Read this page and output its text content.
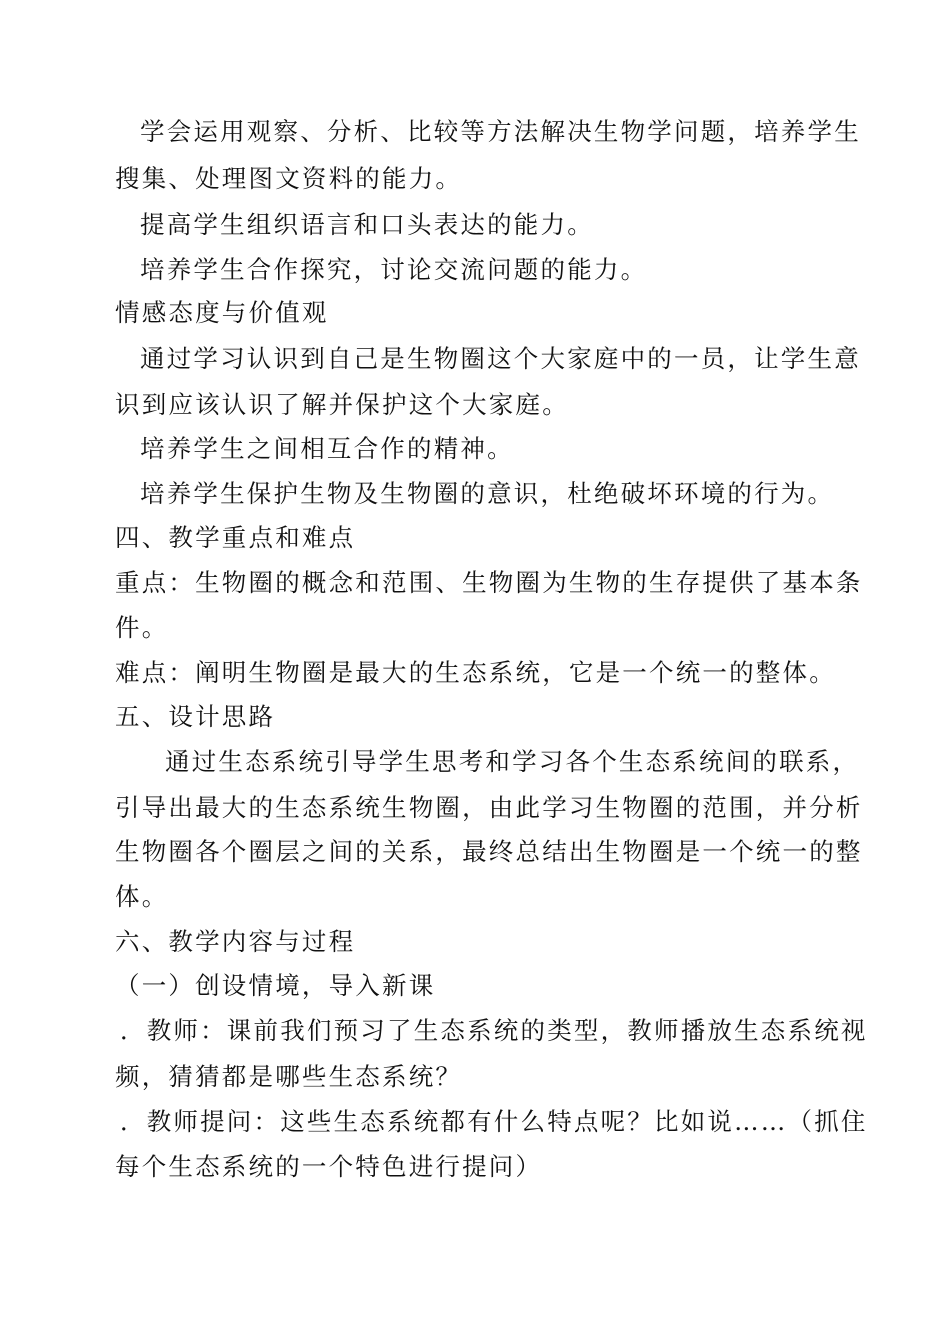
学会运用观察、分析、比较等方法解决生物学问题，培养学生
搜集、处理图文资料的能力。
提高学生组织语言和口头表达的能力。
培养学生合作探究，讨论交流问题的能力。
情感态度与价值观
通过学习认识到自己是生物圈这个大家庭中的一员，让学生意
识到应该认识了解并保护这个大家庭。
培养学生之间相互合作的精神。
培养学生保护生物及生物圈的意识，杜绝破坏环境的行为。
四、教学重点和难点
重点：生物圈的概念和范围、生物圈为生物的生存提供了基本条
件。
难点：阐明生物圈是最大的生态系统，它是一个统一的整体。
五、设计思路
通过生态系统引导学生思考和学习各个生态系统间的联系，
引导出最大的生态系统生物圈，由此学习生物圈的范围，并分析
生物圈各个圈层之间的关系，最终总结出生物圈是一个统一的整
体。
六、教学内容与过程
（一）创设情境，导入新课
．教师：课前我们预习了生态系统的类型，教师播放生态系统视
频，猜猜都是哪些生态系统？
．教师提问：这些生态系统都有什么特点呢？比如说……（抓住
每个生态系统的一个特色进行提问）
